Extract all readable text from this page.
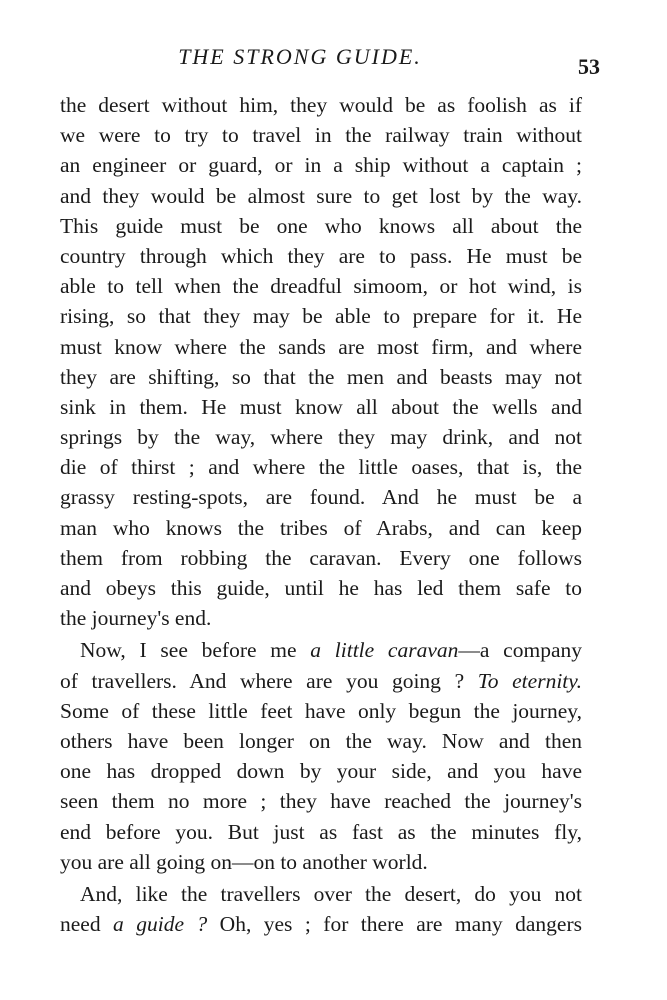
THE STRONG GUIDE.	53
the desert without him, they would be as foolish as if
we were to try to travel in the railway train without
an engineer or guard, or in a ship without a captain ;
and they would be almost sure to get lost by the way.
This guide must be one who knows all about the
country through which they are to pass. He must be
able to tell when the dreadful simoom, or hot wind, is
rising, so that they may be able to prepare for it. He
must know where the sands are most firm, and where
they are shifting, so that the men and beasts may not
sink in them. He must know all about the wells and
springs by the way, where they may drink, and not
die of thirst ; and where the little oases, that is, the
grassy resting-spots, are found. And he must be a
man who knows the tribes of Arabs, and can keep
them from robbing the caravan. Every one follows
and obeys this guide, until he has led them safe to
the journey's end.
Now, I see before me a little caravan—a company
of travellers. And where are you going ? To eternity.
Some of these little feet have only begun the journey,
others have been longer on the way. Now and then
one has dropped down by your side, and you have
seen them no more ; they have reached the journey's
end before you. But just as fast as the minutes fly,
you are all going on—on to another world.
And, like the travellers over the desert, do you not
need a guide ? Oh, yes ; for there are many dangers
